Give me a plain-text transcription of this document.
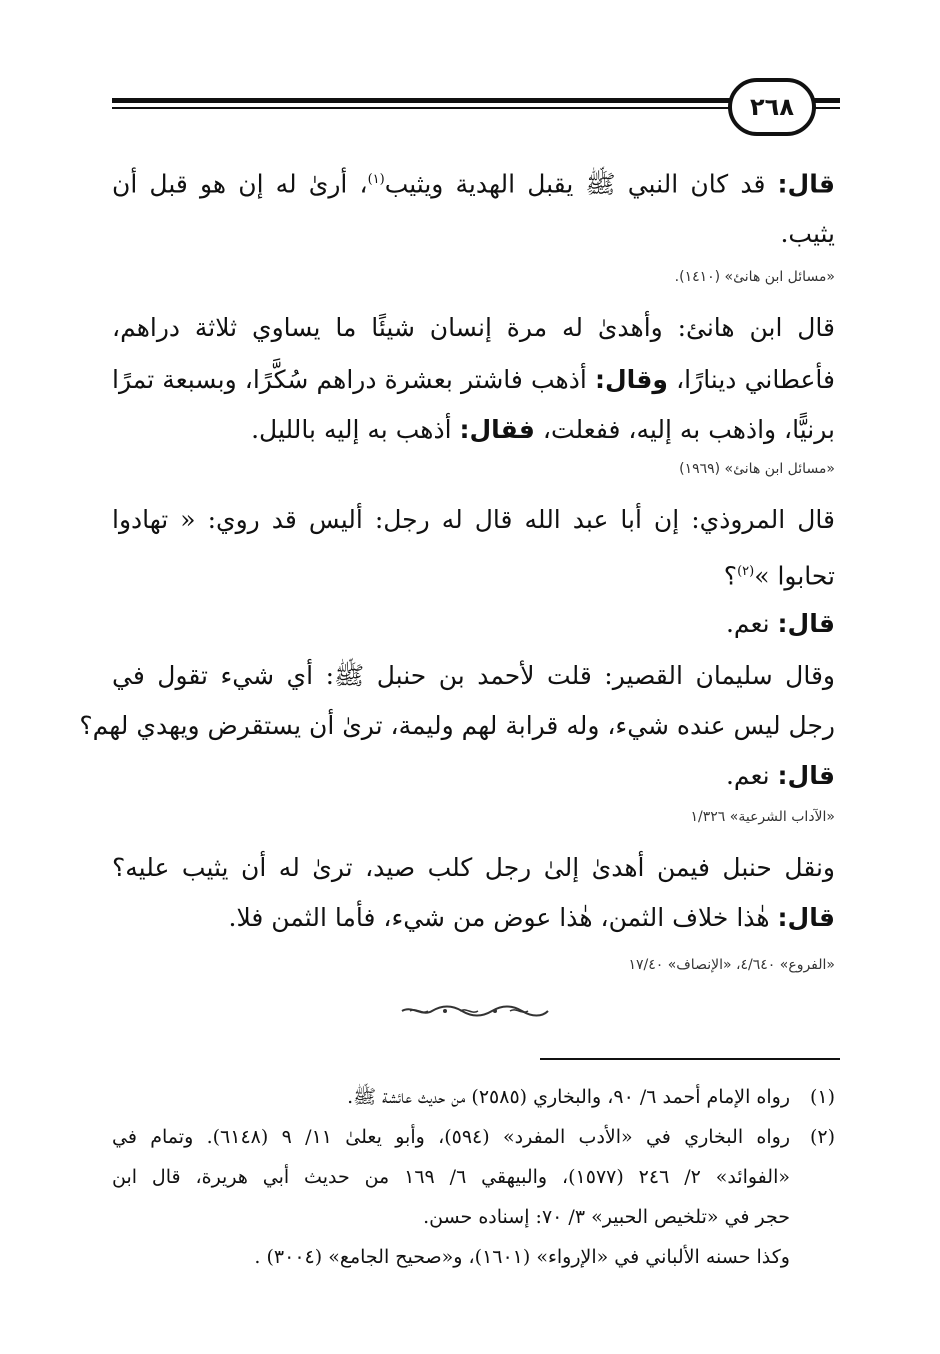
٢٦٨
قال: قد كان النبي ﷺ يقبل الهدية ويثيب$^{(١)}$، أرىٰ له إن هو قبل أن
يثيب.
«مسائل ابن هانئ» (١٤١٠).
قال ابن هانئ: وأهدىٰ له مرة إنسان شيئًا ما يساوي ثلاثة دراهم،
فأعطاني دينارًا، وقال: أذهب فاشتر بعشرة دراهم سُكَّرًا، وبسبعة تمرًا
برنيًّا، واذهب به إليه، ففعلت، فقال: أذهب به إليه بالليل.
«مسائل ابن هانئ» (١٩٦٩)
قال المروذي: إن أبا عبد الله قال له رجل: أليس قد روي: « تهادوا
تحابوا »$^{(٢)}$؟
قال: نعم.
وقال سليمان القصير: قلت لأحمد بن حنبل ﷺ: أي شيء تقول في
رجل ليس عنده شيء، وله قرابة لهم وليمة، ترىٰ أن يستقرض ويهدي لهم؟
قال: نعم.
«الآداب الشرعية» ١/٣٢٦
ونقل حنبل فيمن أهدىٰ إلىٰ رجل كلب صيد، ترىٰ له أن يثيب عليه؟
قال: هٰذا خلاف الثمن، هٰذا عوض من شيء، فأما الثمن فلا.
«الفروع» ٤/٦٤٠، «الإنصاف» ١٧/٤٠
رواه الإمام أحمد ٦/ ٩٠، والبخاري (٢٥٨٥) من حديث عائشة ﷺ. (١)
رواه البخاري في «الأدب المفرد» (٥٩٤)، وأبو يعلىٰ ١١/ ٩ (٦١٤٨). وتمام في (٢)
«الفوائد» ٢/ ٢٤٦ (١٥٧٧)، والبيهقي ٦/ ١٦٩ من حديث أبي هريرة، قال ابن
حجر في «تلخيص الحبير» ٣/ ٧٠: إسناده حسن.
وكذا حسنه الألباني في «الإرواء» (١٦٠١)، و«صحيح الجامع» (٣٠٠٤) .
